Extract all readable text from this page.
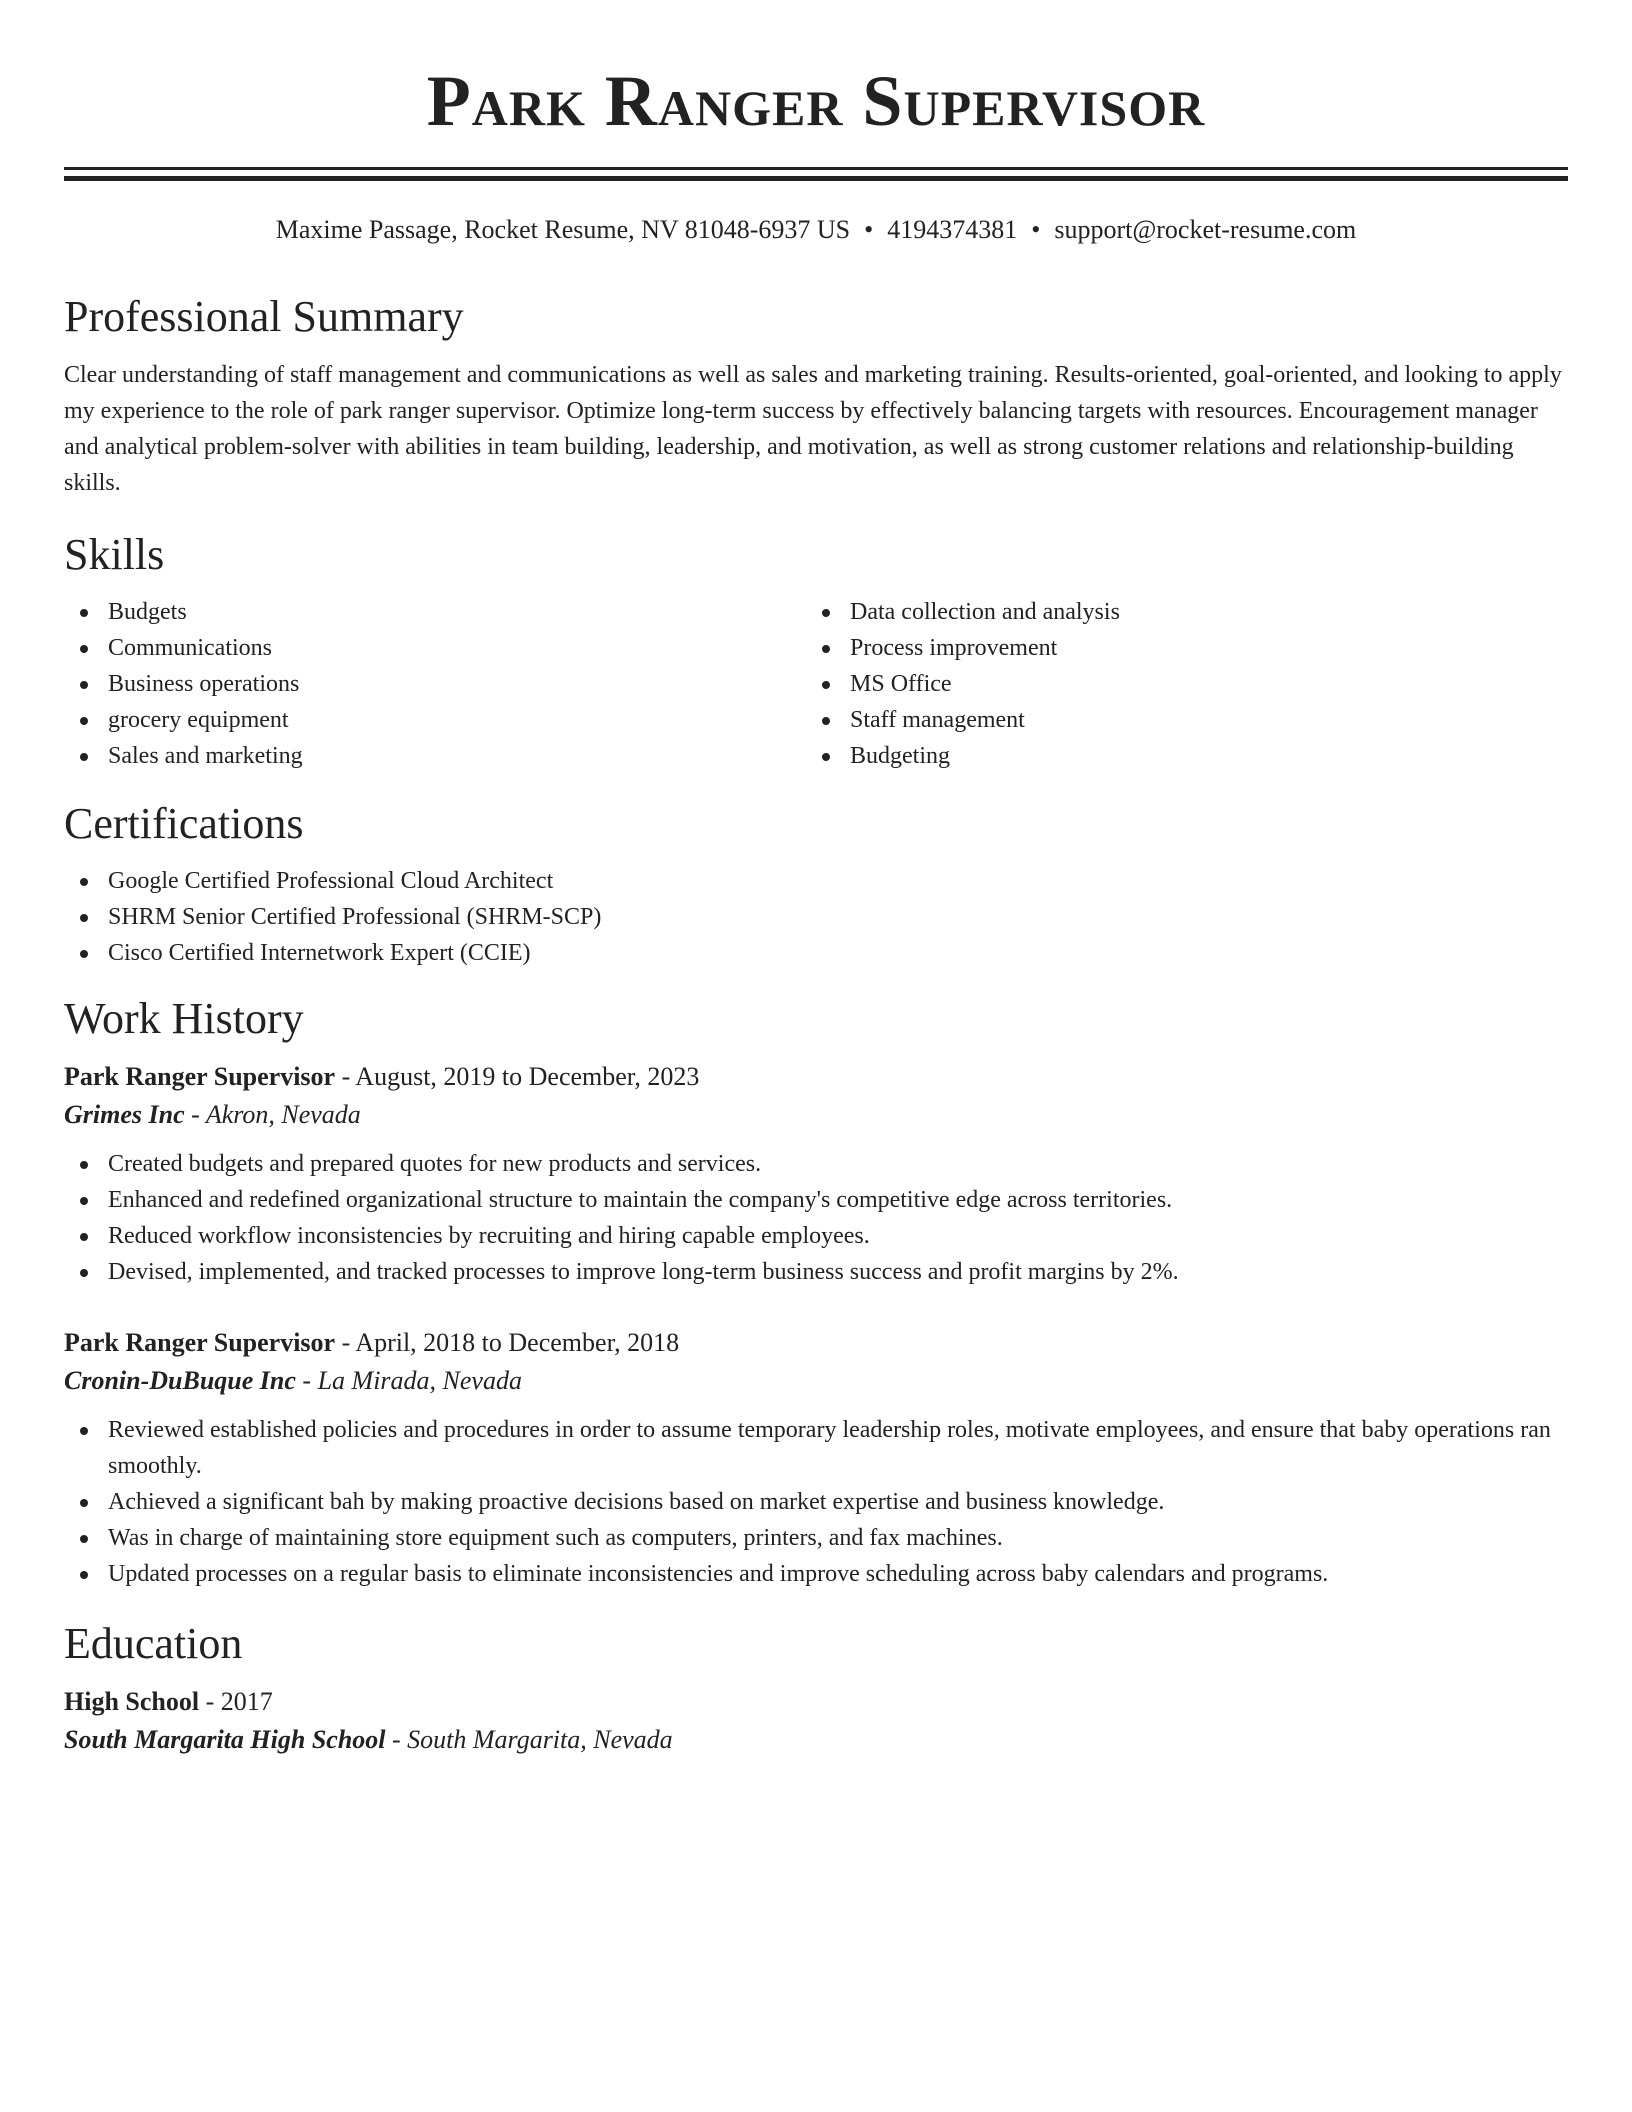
Park Ranger Supervisor
Maxime Passage, Rocket Resume, NV 81048-6937 US • 4194374381 • support@rocket-resume.com
Professional Summary
Clear understanding of staff management and communications as well as sales and marketing training. Results-oriented, goal-oriented, and looking to apply my experience to the role of park ranger supervisor. Optimize long-term success by effectively balancing targets with resources. Encouragement manager and analytical problem-solver with abilities in team building, leadership, and motivation, as well as strong customer relations and relationship-building skills.
Skills
Budgets
Communications
Business operations
grocery equipment
Sales and marketing
Data collection and analysis
Process improvement
MS Office
Staff management
Budgeting
Certifications
Google Certified Professional Cloud Architect
SHRM Senior Certified Professional (SHRM-SCP)
Cisco Certified Internetwork Expert (CCIE)
Work History
Park Ranger Supervisor - August, 2019 to December, 2023
Grimes Inc - Akron, Nevada
Created budgets and prepared quotes for new products and services.
Enhanced and redefined organizational structure to maintain the company's competitive edge across territories.
Reduced workflow inconsistencies by recruiting and hiring capable employees.
Devised, implemented, and tracked processes to improve long-term business success and profit margins by 2%.
Park Ranger Supervisor - April, 2018 to December, 2018
Cronin-DuBuque Inc - La Mirada, Nevada
Reviewed established policies and procedures in order to assume temporary leadership roles, motivate employees, and ensure that baby operations ran smoothly.
Achieved a significant bah by making proactive decisions based on market expertise and business knowledge.
Was in charge of maintaining store equipment such as computers, printers, and fax machines.
Updated processes on a regular basis to eliminate inconsistencies and improve scheduling across baby calendars and programs.
Education
High School - 2017
South Margarita High School - South Margarita, Nevada
